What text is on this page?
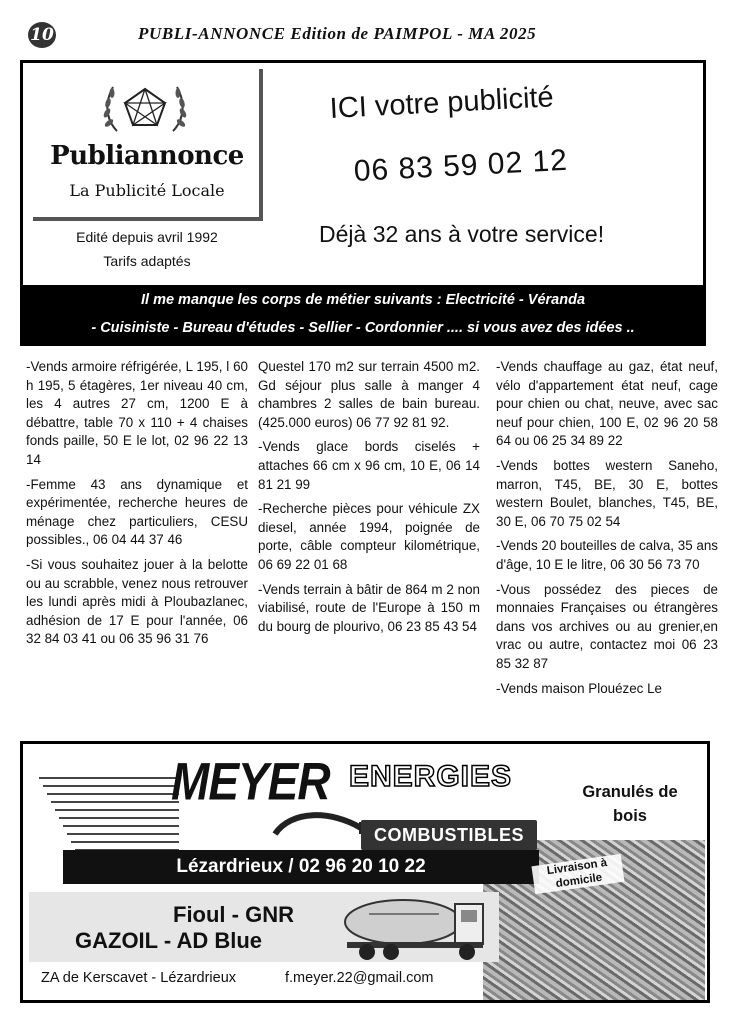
10	PUBLI-ANNONCE Edition de PAIMPOL - MA 2025
Publiannonce
La Publicité Locale
Edité depuis avril 1992
Tarifs adaptés
ICI votre publicité
06 83 59 02 12
Déjà 32 ans à votre service!
Il me manque les corps de métier suivants : Electricité - Véranda
- Cuisiniste - Bureau d'études - Sellier - Cordonnier .... si vous avez des idées ..

-Vends armoire réfrigérée, L 195, l 60 h 195, 5 étagères, 1er niveau 40 cm, les 4 autres 27 cm, 1200 E à débattre, table 70 x 110 + 4 chaises fonds paille, 50 E le lot, 02 96 22 13 14

-Femme 43 ans dynamique et expérimentée, recherche heures de ménage chez particuliers, CESU possibles., 06 04 44 37 46

-Si vous souhaitez jouer à la belotte ou au scrabble, venez nous retrouver les lundi après midi à Ploubazlanec, adhésion de 17 E pour l'année, 06 32 84 03 41 ou 06 35 96 31 76

Questel 170 m2 sur terrain 4500 m2. Gd séjour plus salle à manger 4 chambres 2 salles de bain bureau. (425.000 euros) 06 77 92 81 92.

-Vends glace bords ciselés + attaches 66 cm x 96 cm, 10 E, 06 14 81 21 99

-Recherche pièces pour véhicule ZX diesel, année 1994, poignée de porte, câble compteur kilométrique, 06 69 22 01 68

-Vends terrain à bâtir de 864 m 2 non viabilisé, route de l'Europe à 150 m du bourg de plourivo, 06 23 85 43 54

-Vends chauffage au gaz, état neuf, vélo d'appartement état neuf, cage pour chien ou chat, neuve, avec sac neuf pour chien, 100 E, 02 96 20 58 64 ou 06 25 34 89 22

-Vends bottes western Saneho, marron, T45, BE, 30 E, bottes western Boulet, blanches, T45, BE, 30 E, 06 70 75 02 54

-Vends 20 bouteilles de calva, 35 ans d'âge, 10 E le litre, 06 30 56 73 70

-Vous possédez des pieces de monnaies Françaises ou étrangères dans vos archives ou au grenier,en vrac ou autre, contactez moi 06 23 85 32 87

-Vends maison Plouézec Le

MEYER ENERGIES
COMBUSTIBLES
Lézardrieux / 02 96 20 10 22
Granulés de bois
Livraison à domicile
Fioul - GNR
GAZOIL - AD Blue
ZA de Kerscavet - Lézardrieux	f.meyer.22@gmail.com
